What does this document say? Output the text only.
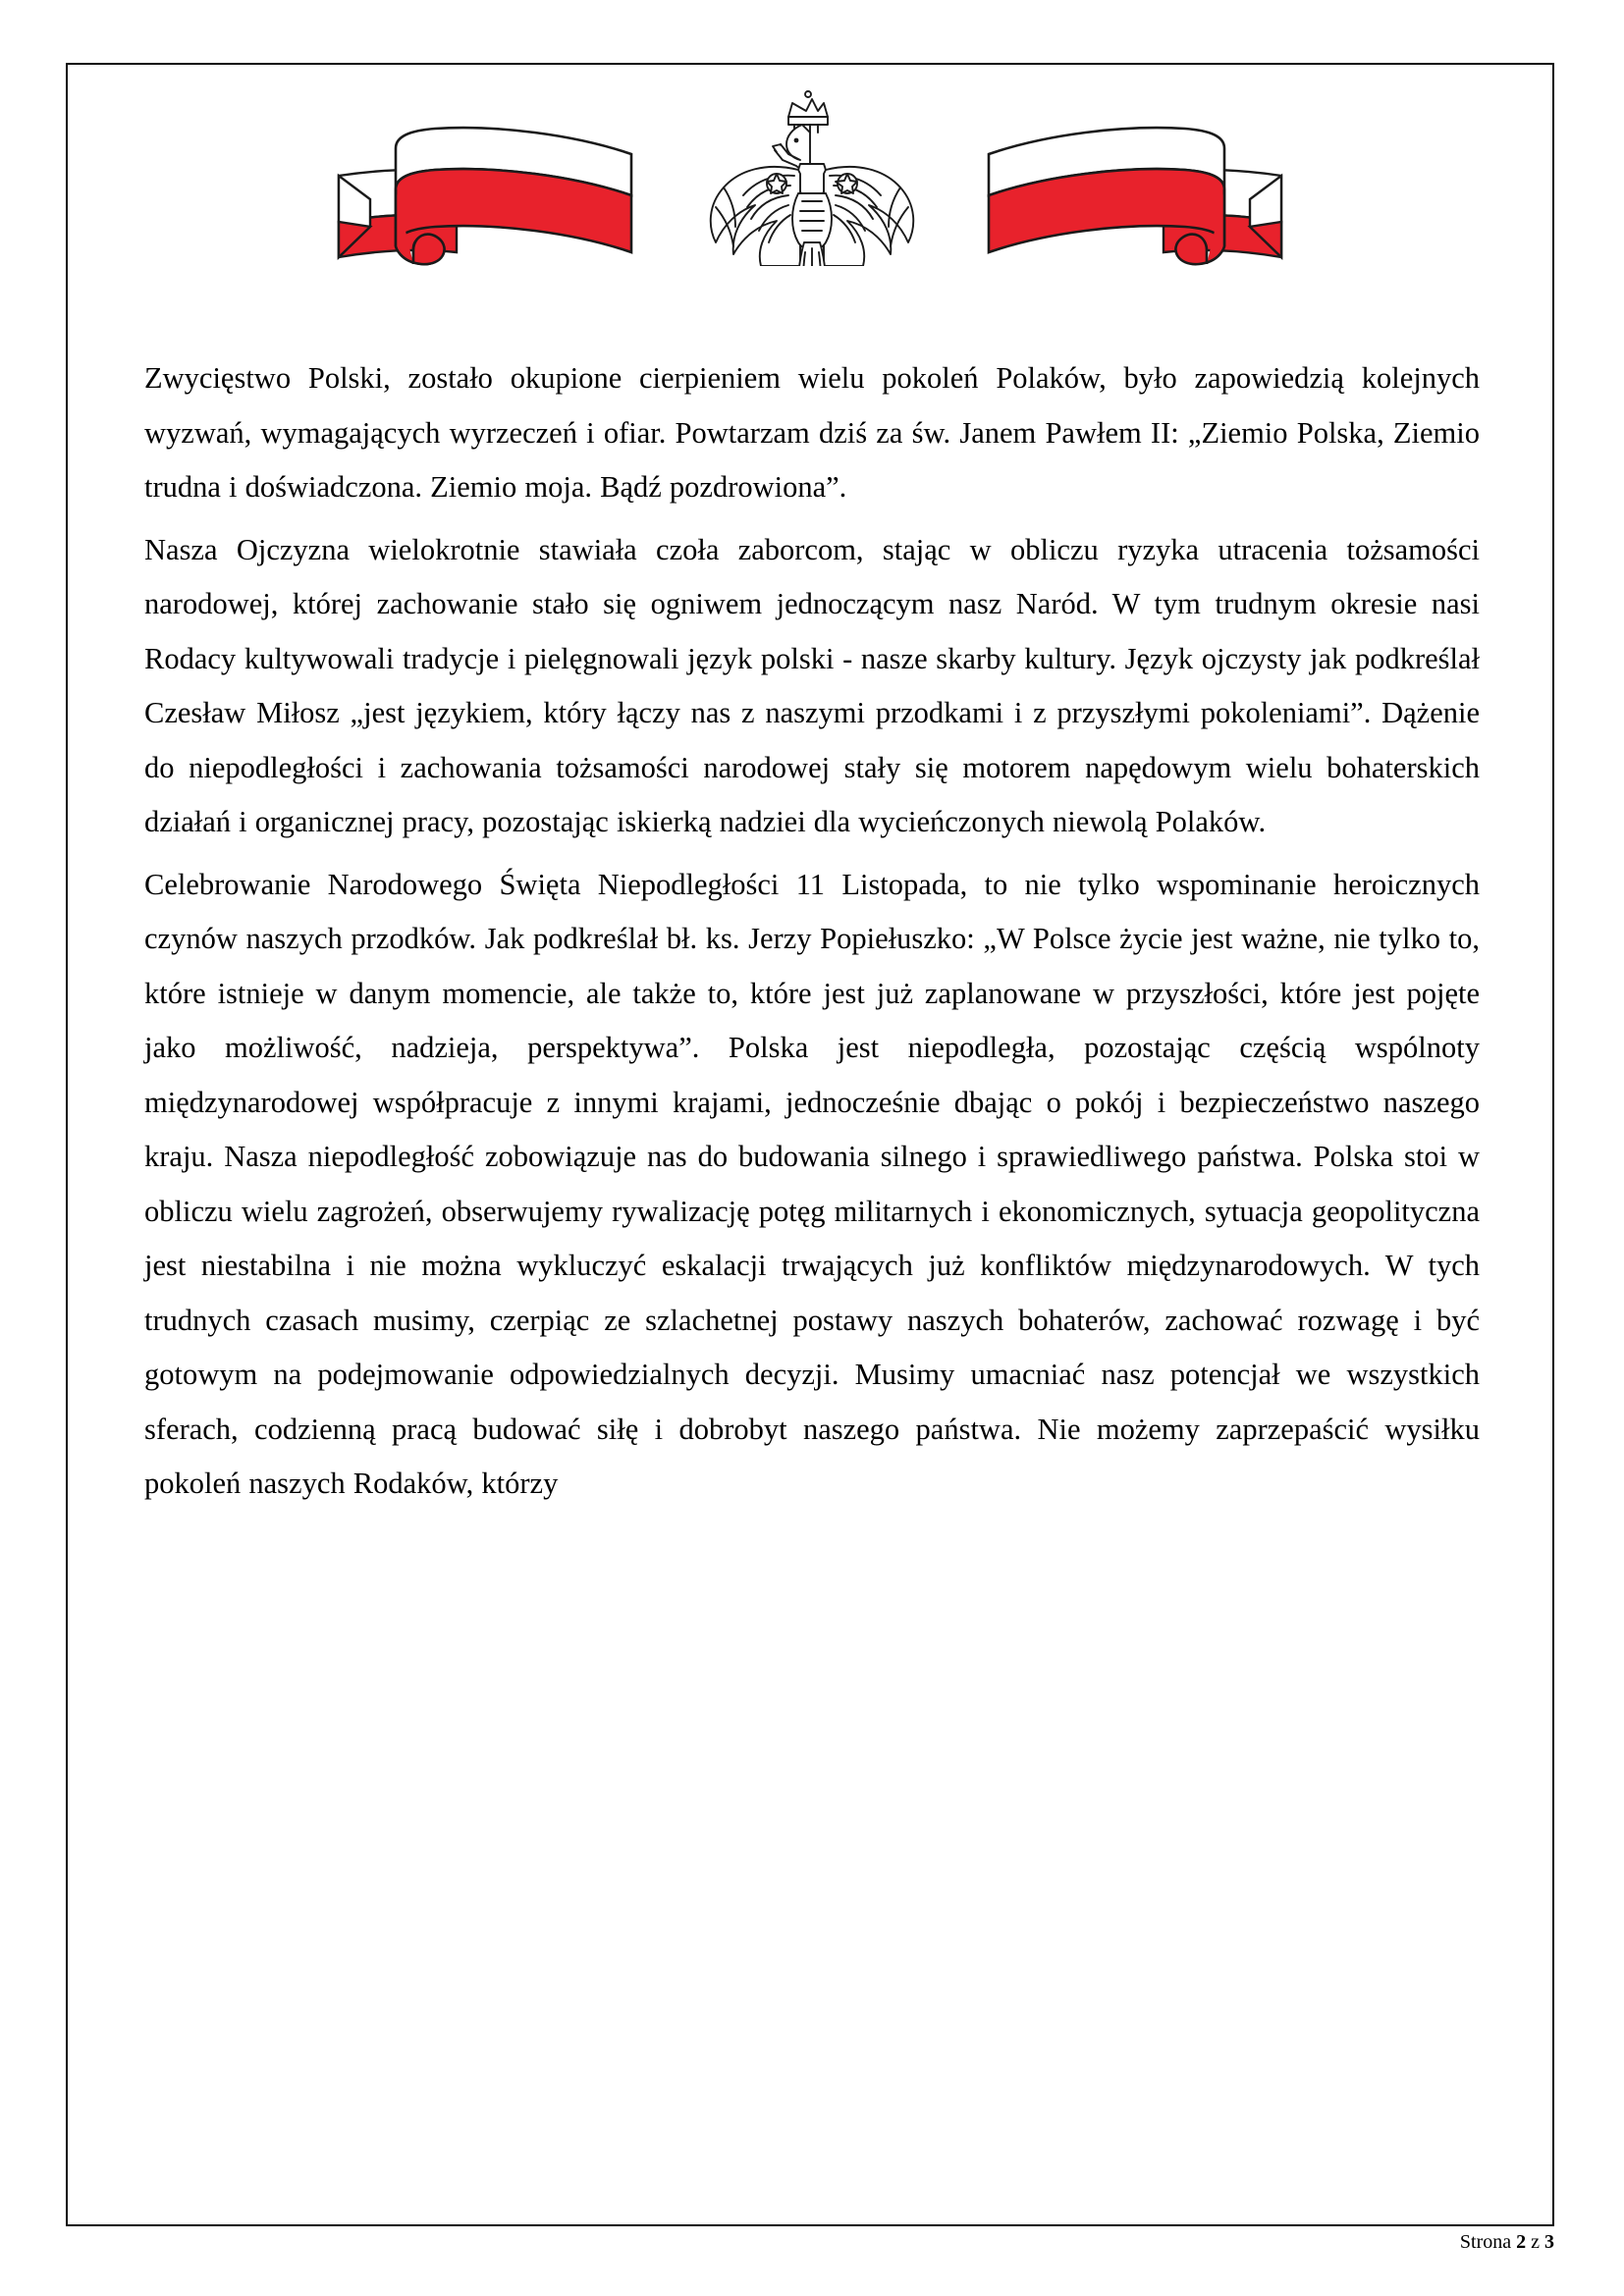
Zwycięstwo Polski, zostało okupione cierpieniem wielu pokoleń Polaków, było zapowiedzią kolejnych wyzwań, wymagających wyrzeczeń i ofiar. Powtarzam dziś za św. Janem Pawłem II: „Ziemio Polska, Ziemio trudna i doświadczona. Ziemio moja. Bądź pozdrowiona”.

Nasza Ojczyzna wielokrotnie stawiała czoła zaborcom, stając w obliczu ryzyka utracenia tożsamości narodowej, której zachowanie stało się ogniwem jednoczącym nasz Naród. W tym trudnym okresie nasi Rodacy kultywowali tradycje i pielęgnowali język polski - nasze skarby kultury. Język ojczysty jak podkreślał Czesław Miłosz „jest językiem, który łączy nas z naszymi przodkami i z przyszłymi pokoleniami”. Dążenie do niepodległości i zachowania tożsamości narodowej stały się motorem napędowym wielu bohaterskich działań i organicznej pracy, pozostając iskierką nadziei dla wycieńczonych niewolą Polaków.

Celebrowanie Narodowego Święta Niepodległości 11 Listopada, to nie tylko wspominanie heroicznych czynów naszych przodków. Jak podkreślał bł. ks. Jerzy Popiełuszko: „W Polsce życie jest ważne, nie tylko to, które istnieje w danym momencie, ale także to, które jest już zaplanowane w przyszłości, które jest pojęte jako możliwość, nadzieja, perspektywa”. Polska jest niepodległa, pozostając częścią wspólnoty międzynarodowej współpracuje z innymi krajami, jednocześnie dbając o pokój i bezpieczeństwo naszego kraju. Nasza niepodległość zobowiązuje nas do budowania silnego i sprawiedliwego państwa. Polska stoi w obliczu wielu zagrożeń, obserwujemy rywalizację potęg militarnych i ekonomicznych, sytuacja geopolityczna jest niestabilna i nie można wykluczyć eskalacji trwających już konfliktów międzynarodowych. W tych trudnych czasach musimy, czerpiąc ze szlachetnej postawy naszych bohaterów, zachować rozwagę i być gotowym na podejmowanie odpowiedzialnych decyzji. Musimy umacniać nasz potencjał we wszystkich sferach, codzienną pracą budować siłę i dobrobyt naszego państwa. Nie możemy zaprzepaścić wysiłku pokoleń naszych Rodaków, którzy

Strona 2 z 3
